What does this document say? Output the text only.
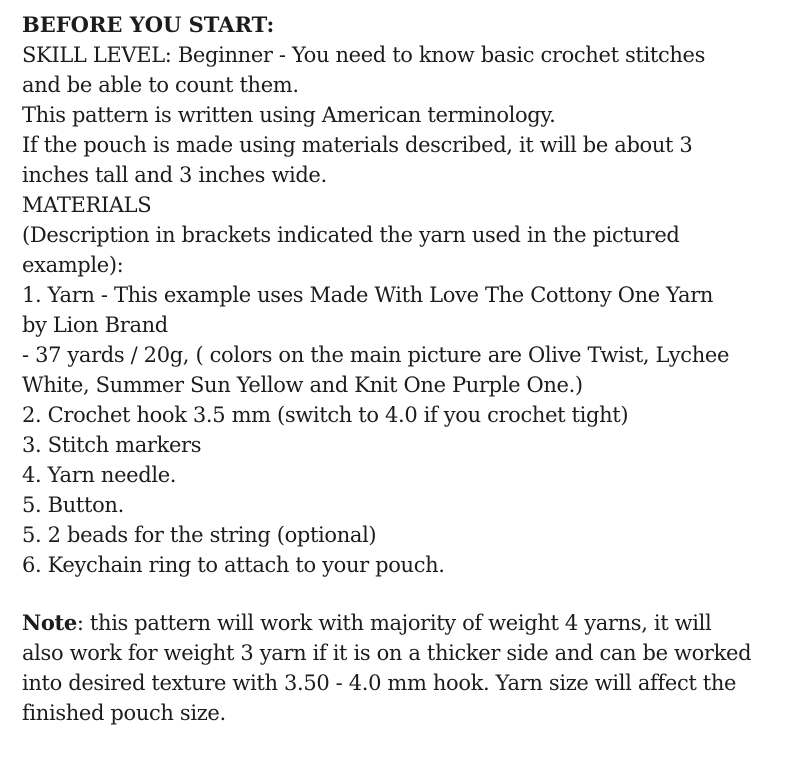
BEFORE YOU START:
SKILL LEVEL: Beginner - You need to know basic crochet stitches
and be able to count them.
This pattern is written using American terminology.
If the pouch is made using materials described, it will be about 3
inches tall and 3 inches wide.
MATERIALS
(Description in brackets indicated the yarn used in the pictured
example):
1. Yarn - This example uses Made With Love The Cottony One Yarn
by Lion Brand
- 37 yards / 20g, ( colors on the main picture are Olive Twist, Lychee
White, Summer Sun Yellow and Knit One Purple One.)
2. Crochet hook 3.5 mm (switch to 4.0 if you crochet tight)
3. Stitch markers
4. Yarn needle.
5. Button.
5. 2 beads for the string (optional)
6. Keychain ring to attach to your pouch.
Note: this pattern will work with majority of weight 4 yarns, it will
also work for weight 3 yarn if it is on a thicker side and can be worked
into desired texture with 3.50 - 4.0 mm hook. Yarn size will affect the
finished pouch size.
